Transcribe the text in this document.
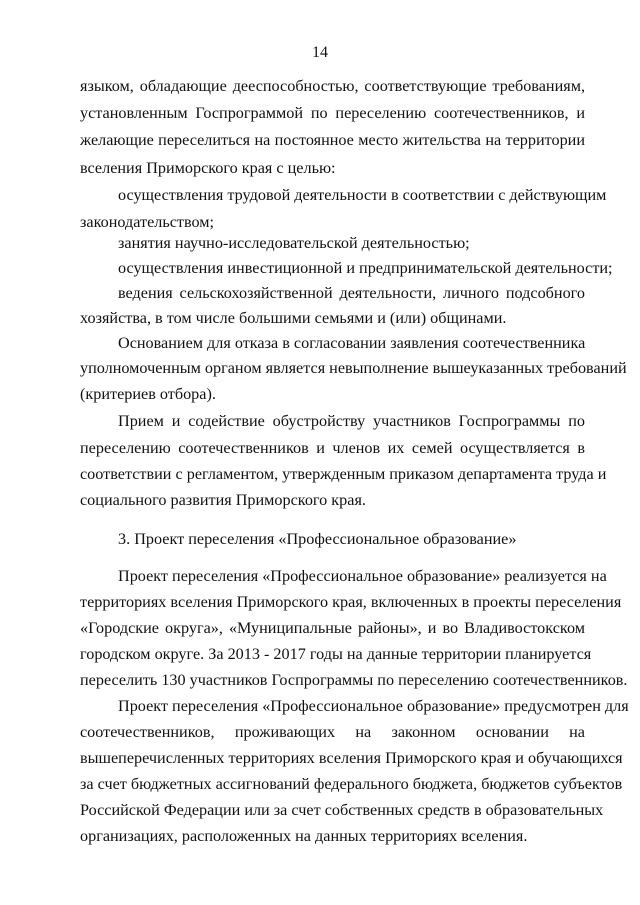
14
языком, обладающие дееспособностью, соответствующие требованиям,
установленным Госпрограммой по переселению соотечественников, и
желающие переселиться на постоянное место жительства на территории
вселения Приморского края с целью:
осуществления трудовой деятельности в соответствии с действующим
законодательством;
занятия научно-исследовательской деятельностью;
осуществления инвестиционной и предпринимательской деятельности;
ведения сельскохозяйственной деятельности, личного подсобного
хозяйства, в том числе большими семьями и (или) общинами.
Основанием для отказа в согласовании заявления соотечественника
уполномоченным органом является невыполнение вышеуказанных требований
(критериев отбора).
Прием и содействие обустройству участников Госпрограммы по
переселению соотечественников и членов их семей осуществляется в
соответствии с регламентом, утвержденным приказом департамента труда и
социального развития Приморского края.
3. Проект переселения «Профессиональное образование»
Проект переселения «Профессиональное образование» реализуется на
территориях вселения Приморского края, включенных в проекты переселения
«Городские округа», «Муниципальные районы», и во Владивостокском
городском округе. За 2013 - 2017 годы на данные территории планируется
переселить 130 участников Госпрограммы по переселению соотечественников.
Проект переселения «Профессиональное образование» предусмотрен для
соотечественников, проживающих на законном основании на
вышеперечисленных территориях вселения Приморского края и обучающихся
за счет бюджетных ассигнований федерального бюджета, бюджетов субъектов
Российской Федерации или за счет собственных средств в образовательных
организациях, расположенных на данных территориях вселения.
